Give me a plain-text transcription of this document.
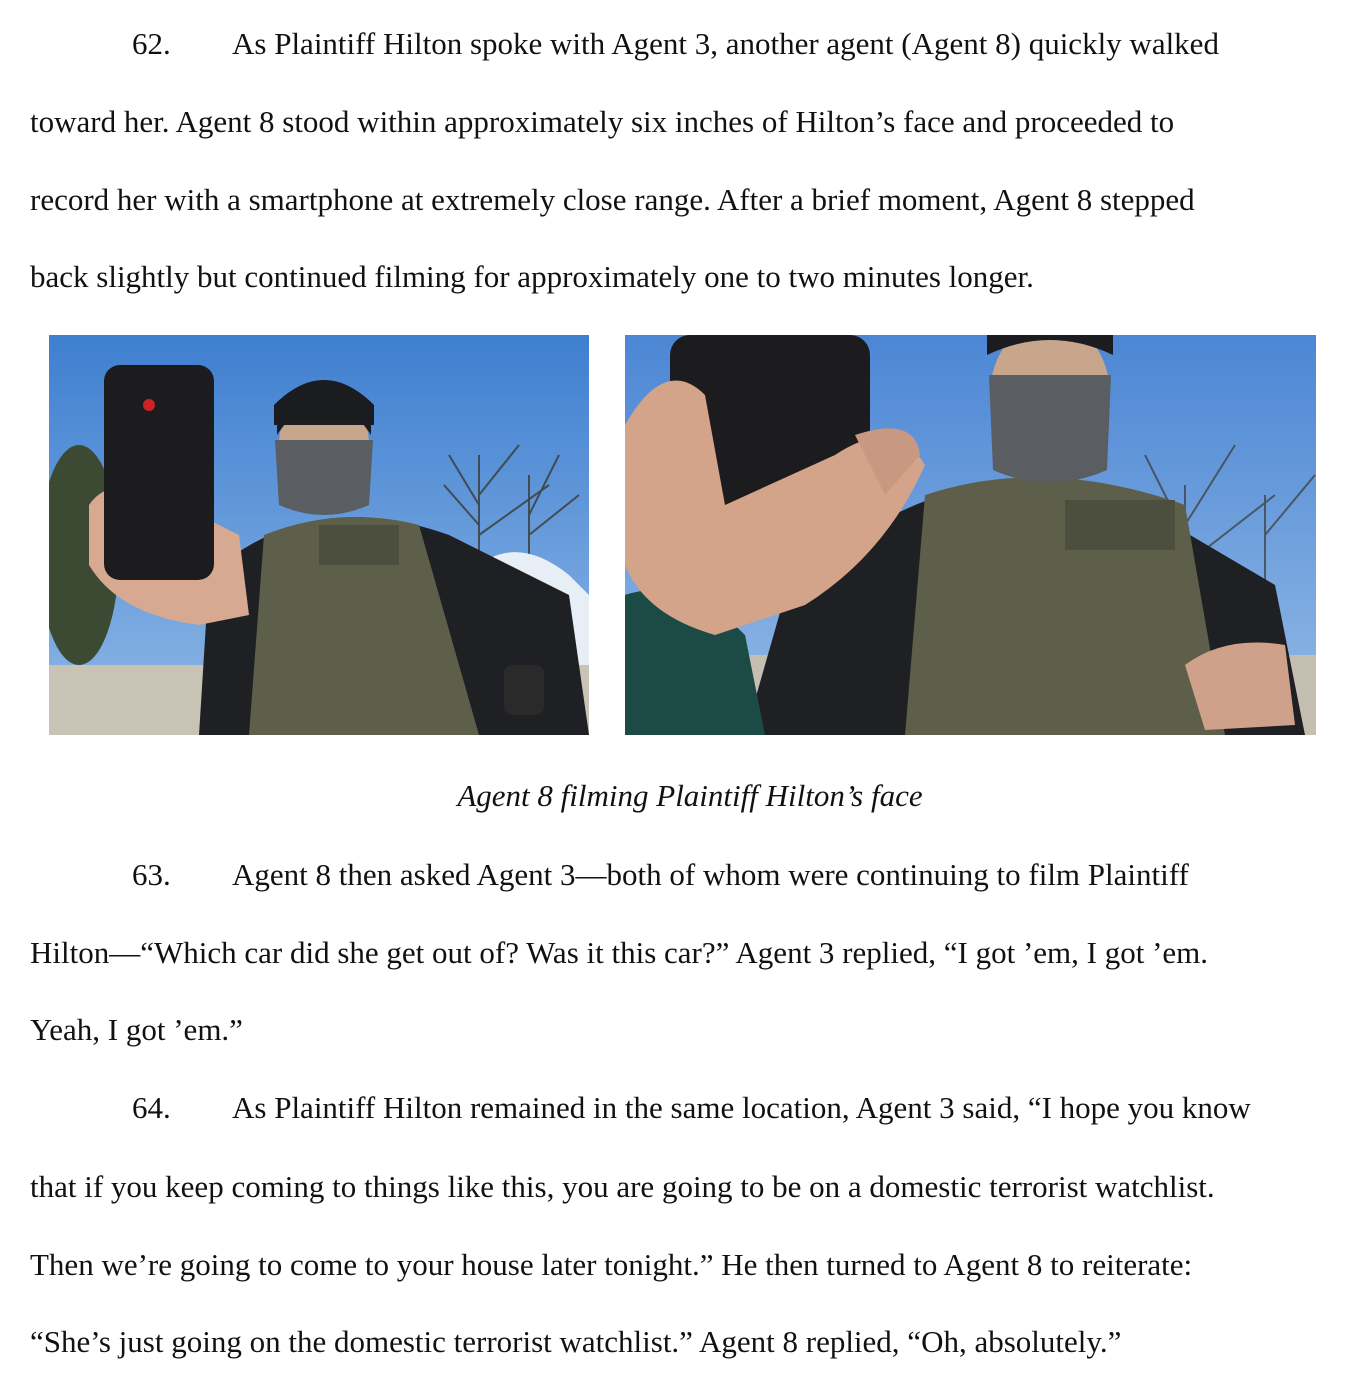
62. As Plaintiff Hilton spoke with Agent 3, another agent (Agent 8) quickly walked
toward her. Agent 8 stood within approximately six inches of Hilton’s face and proceeded to
record her with a smartphone at extremely close range. After a brief moment, Agent 8 stepped
back slightly but continued filming for approximately one to two minutes longer.
Agent 8 filming Plaintiff Hilton’s face
63. Agent 8 then asked Agent 3—both of whom were continuing to film Plaintiff
Hilton—“Which car did she get out of? Was it this car?” Agent 3 replied, “I got ’em, I got ’em.
Yeah, I got ’em.”
64. As Plaintiff Hilton remained in the same location, Agent 3 said, “I hope you know
that if you keep coming to things like this, you are going to be on a domestic terrorist watchlist.
Then we’re going to come to your house later tonight.” He then turned to Agent 8 to reiterate:
“She’s just going on the domestic terrorist watchlist.” Agent 8 replied, “Oh, absolutely.”
